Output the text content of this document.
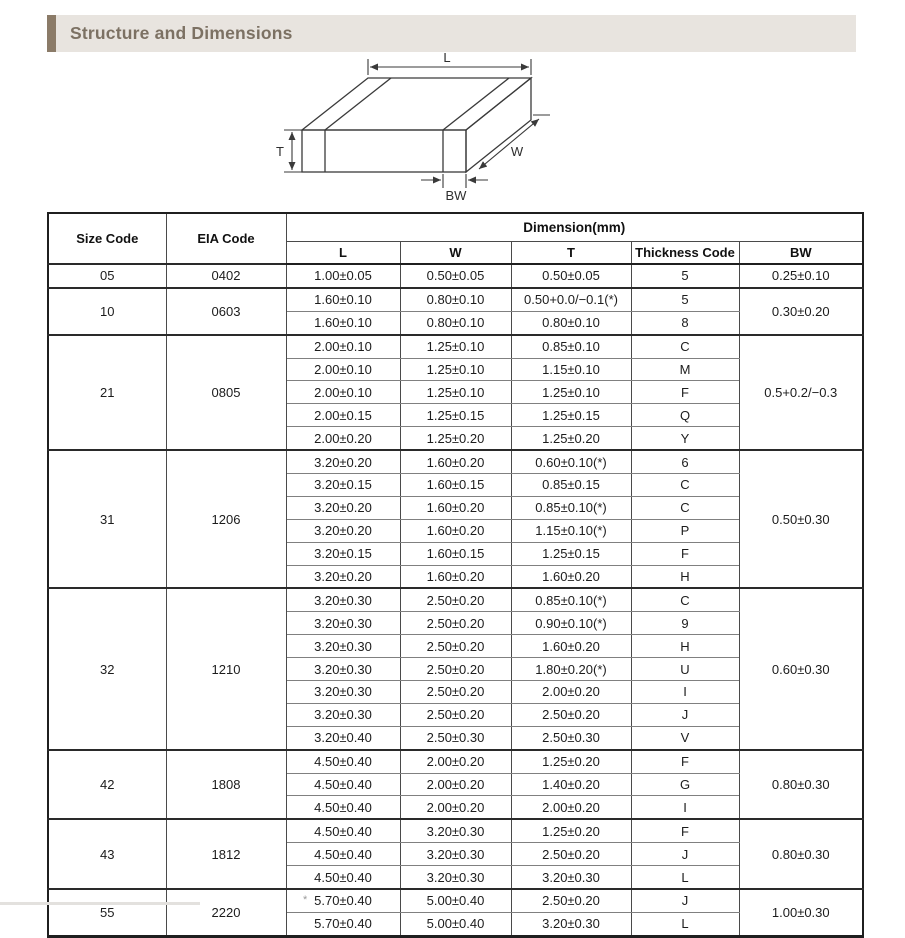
Structure and Dimensions
L
T	W
BW
Size Code	EIA Code	Dimension(mm)				
		L	W	T	Thickness Code	BW
05	0402	1.00±0.05	0.50±0.05	0.50±0.05	5	0.25±0.10
10	0603	1.60±0.10	0.80±0.10	0.50+0.0/−0.1(*)	5	0.30±0.20
		1.60±0.10	0.80±0.10	0.80±0.10	8	
21	0805	2.00±0.10	1.25±0.10	0.85±0.10	C	0.5+0.2/−0.3
		2.00±0.10	1.25±0.10	1.15±0.10	M	
		2.00±0.10	1.25±0.10	1.25±0.10	F	
		2.00±0.15	1.25±0.15	1.25±0.15	Q	
		2.00±0.20	1.25±0.20	1.25±0.20	Y	
31	1206	3.20±0.20	1.60±0.20	0.60±0.10(*)	6	0.50±0.30
		3.20±0.15	1.60±0.15	0.85±0.15	C	
		3.20±0.20	1.60±0.20	0.85±0.10(*)	C	
		3.20±0.20	1.60±0.20	1.15±0.10(*)	P	
		3.20±0.15	1.60±0.15	1.25±0.15	F	
		3.20±0.20	1.60±0.20	1.60±0.20	H	
32	1210	3.20±0.30	2.50±0.20	0.85±0.10(*)	C	0.60±0.30
		3.20±0.30	2.50±0.20	0.90±0.10(*)	9	
		3.20±0.30	2.50±0.20	1.60±0.20	H	
		3.20±0.30	2.50±0.20	1.80±0.20(*)	U	
		3.20±0.30	2.50±0.20	2.00±0.20	I	
		3.20±0.30	2.50±0.20	2.50±0.20	J	
		3.20±0.40	2.50±0.30	2.50±0.30	V	
42	1808	4.50±0.40	2.00±0.20	1.25±0.20	F	0.80±0.30
		4.50±0.40	2.00±0.20	1.40±0.20	G	
		4.50±0.40	2.00±0.20	2.00±0.20	I	
43	1812	4.50±0.40	3.20±0.30	1.25±0.20	F	0.80±0.30
		4.50±0.40	3.20±0.30	2.50±0.20	J	
		4.50±0.40	3.20±0.30	3.20±0.30	L	
55	2220	5.70±0.40	5.00±0.40	2.50±0.20	J	1.00±0.30
		5.70±0.40	5.00±0.40	3.20±0.30	L	
*
